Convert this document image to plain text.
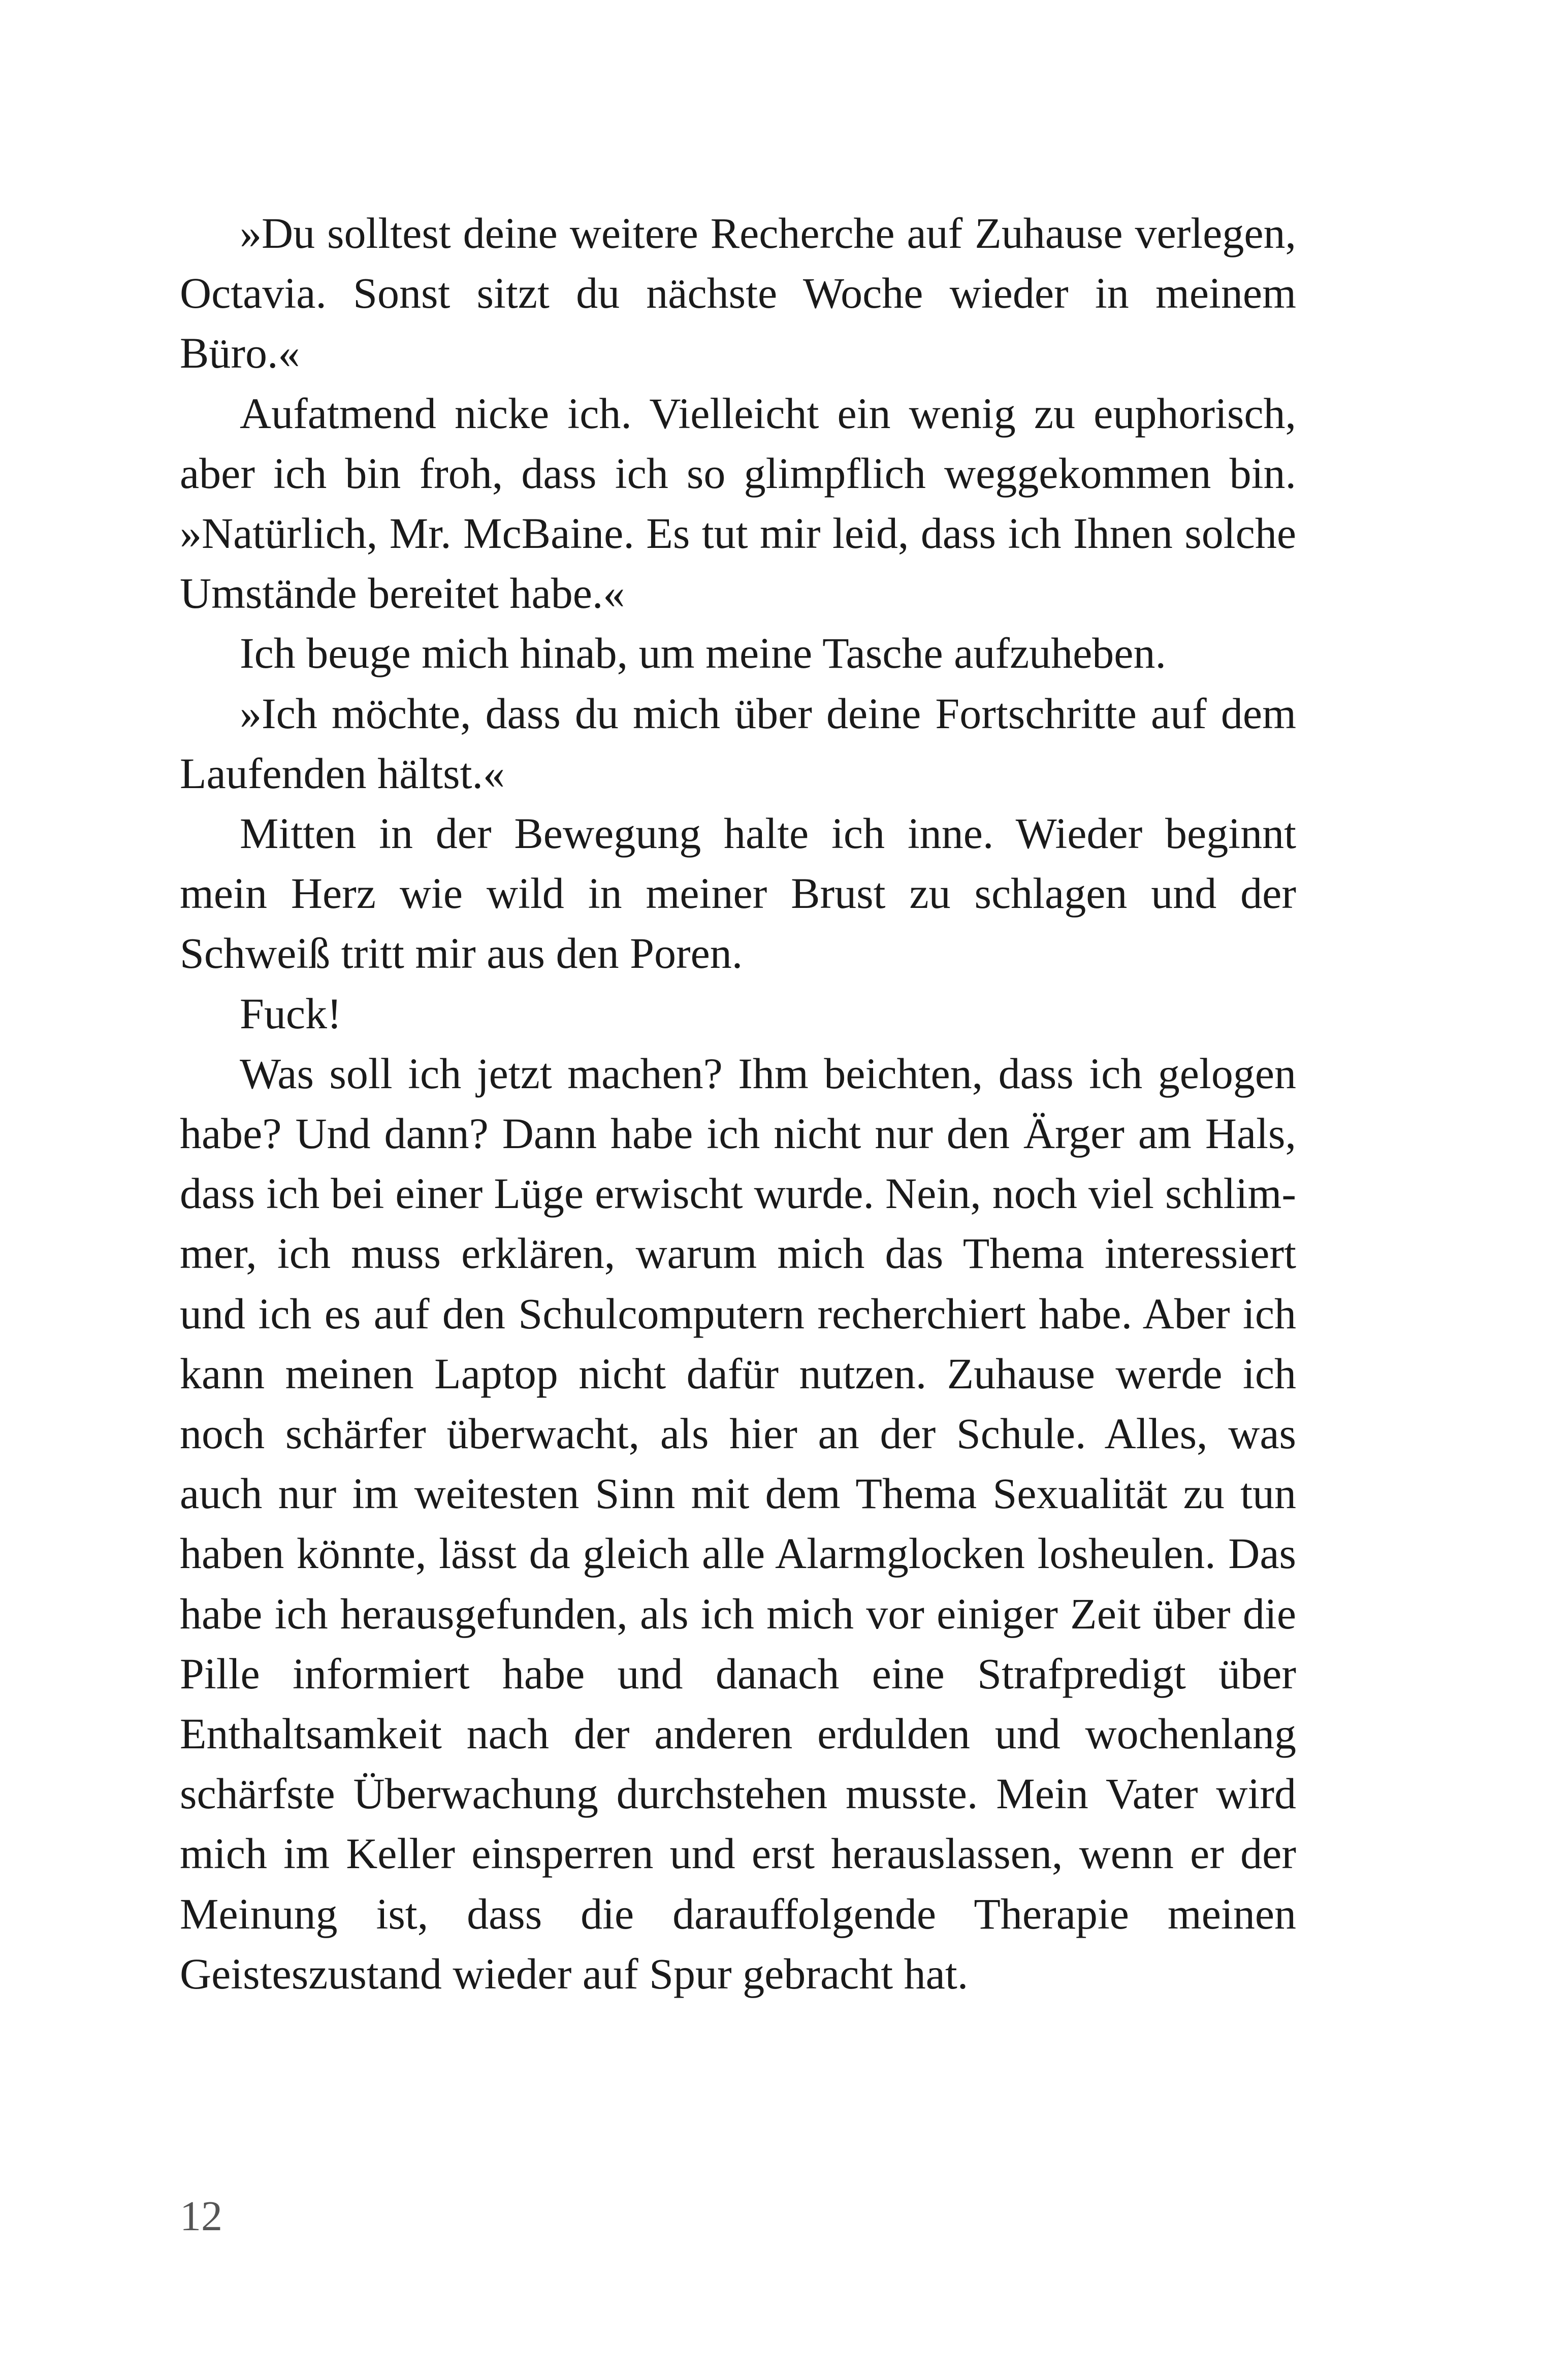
»Du solltest deine weitere Recherche auf Zuhause verlegen, Octavia. Sonst sitzt du nächste Woche wieder in meinem Büro.«

Aufatmend nicke ich. Vielleicht ein wenig zu euphorisch, aber ich bin froh, dass ich so glimpflich weggekommen bin. »Natürlich, Mr. McBaine. Es tut mir leid, dass ich Ihnen solche Umstände bereitet habe.«

Ich beuge mich hinab, um meine Tasche aufzuheben.

»Ich möchte, dass du mich über deine Fortschritte auf dem Laufenden hältst.«

Mitten in der Bewegung halte ich inne. Wieder beginnt mein Herz wie wild in meiner Brust zu schlagen und der Schweiß tritt mir aus den Poren.

Fuck!

Was soll ich jetzt machen? Ihm beichten, dass ich gelogen habe? Und dann? Dann habe ich nicht nur den Ärger am Hals, dass ich bei einer Lüge erwischt wurde. Nein, noch viel schlimmer, ich muss erklären, warum mich das Thema interessiert und ich es auf den Schulcomputern recherchiert habe. Aber ich kann meinen Laptop nicht dafür nutzen. Zuhause werde ich noch schärfer überwacht, als hier an der Schule. Alles, was auch nur im weitesten Sinn mit dem Thema Sexualität zu tun haben könnte, lässt da gleich alle Alarmglocken losheulen. Das habe ich herausgefunden, als ich mich vor einiger Zeit über die Pille informiert habe und danach eine Strafpredigt über Enthaltsamkeit nach der anderen erdulden und wochenlang schärfste Überwachung durchstehen musste. Mein Vater wird mich im Keller einsperren und erst herauslassen, wenn er der Meinung ist, dass die darauffolgende Therapie meinen Geisteszustand wieder auf Spur gebracht hat.

12
